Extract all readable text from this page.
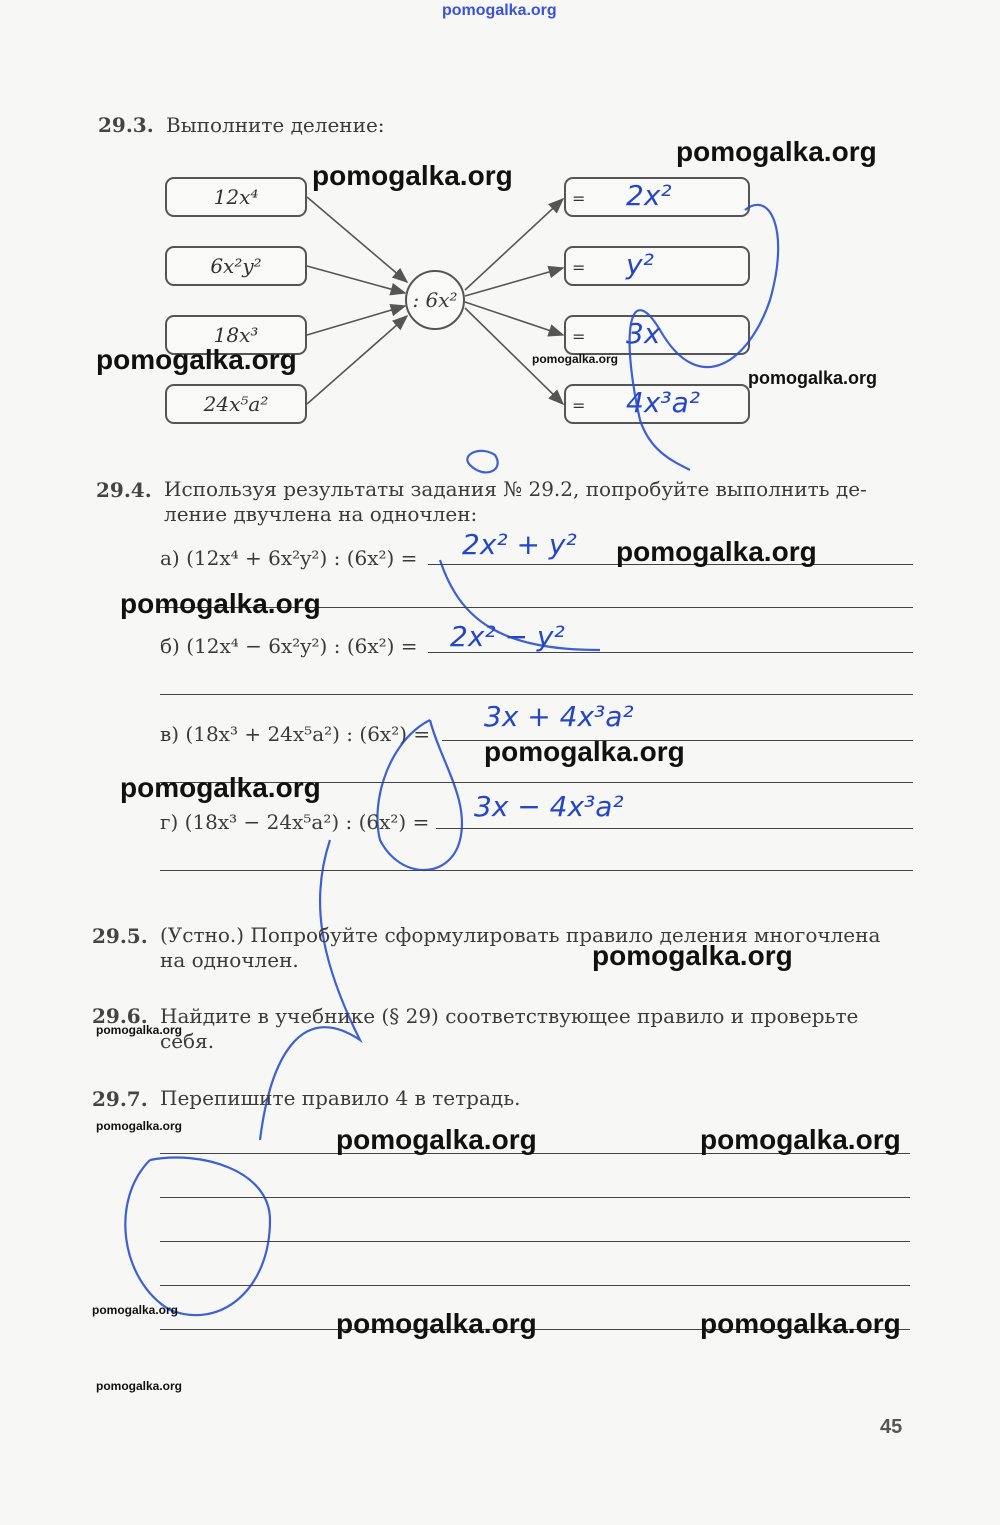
pomogalka.org
29.3. Выполните деление:
12x⁴
6x²y²
18x³
24x⁵a²
: 6x²
= 2x²
= y²
= 3x
= 4x³a²
29.4. Используя результаты задания № 29.2, попробуйте выполнить де-
ление двучлена на одночлен:
а) (12x⁴ + 6x²y²) : (6x²) = 2x² + y²
б) (12x⁴ − 6x²y²) : (6x²) = 2x² − y²
в) (18x³ + 24x⁵a²) : (6x²) =
3x + 4x³a²
г) (18x³ − 24x⁵a²) : (6x²) = 3x − 4x³a²
29.5. (Устно.) Попробуйте сформулировать правило деления многочлена
на одночлен.
29.6. Найдите в учебнике (§ 29) соответствующее правило и проверьте
себя.
29.7. Перепишите правило 4 в тетрадь.
pomogalka.org
pomogalka.org
pomogalka.org	pomogalka.org
pomogalka.org
pomogalka.org
pomogalka.org
pomogalka.org
pomogalka.org
pomogalka.org
pomogalka.org
pomogalka.org	pomogalka.org	pomogalka.org
pomogalka.org	pomogalka.org	pomogalka.org
pomogalka.org
45
